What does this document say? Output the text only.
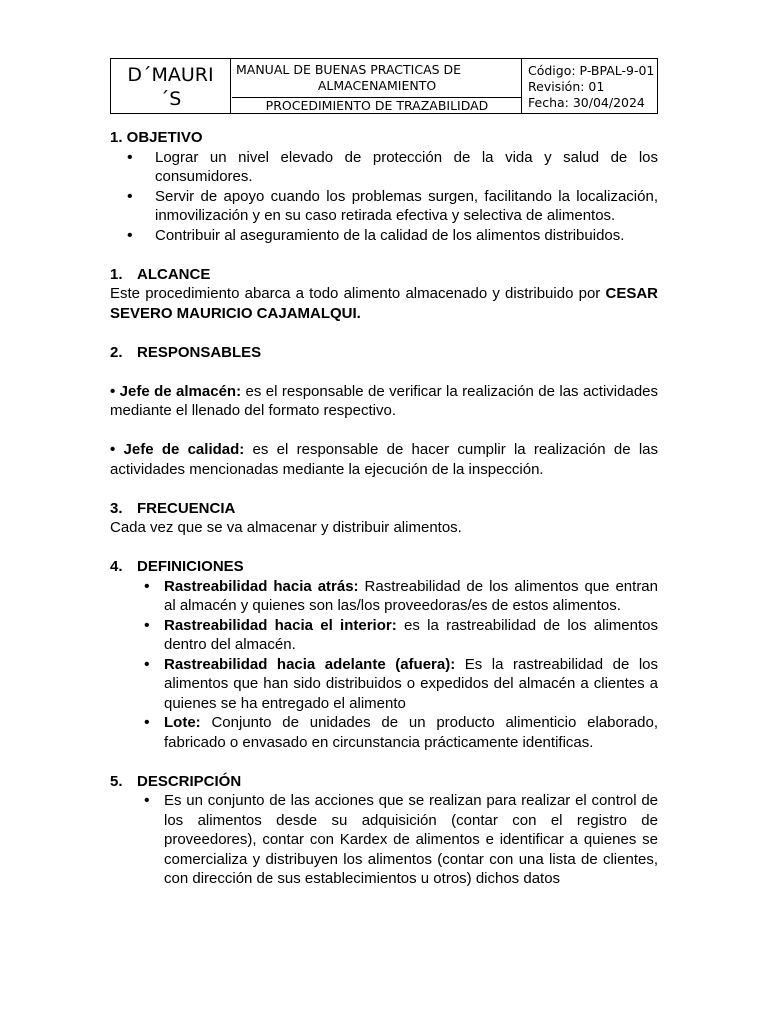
D´MAURI
´S
MANUAL DE BUENAS PRACTICAS DE
ALMACENAMIENTO
PROCEDIMIENTO DE TRAZABILIDAD
Código: P-BPAL-9-01
Revisión: 01
Fecha: 30/04/2024
1. OBJETIVO
• Lograr un nivel elevado de protección de la vida y salud de los consumidores.
• Servir de apoyo cuando los problemas surgen, facilitando la localización, inmovilización y en su caso retirada efectiva y selectiva de alimentos.
• Contribuir al aseguramiento de la calidad de los alimentos distribuidos.
1. ALCANCE
Este procedimiento abarca a todo alimento almacenado y distribuido por CESAR SEVERO MAURICIO CAJAMALQUI.
2. RESPONSABLES
• Jefe de almacén: es el responsable de verificar la realización de las actividades mediante el llenado del formato respectivo.
• Jefe de calidad: es el responsable de hacer cumplir la realización de las actividades mencionadas mediante la ejecución de la inspección.
3. FRECUENCIA
Cada vez que se va almacenar y distribuir alimentos.
4. DEFINICIONES
• Rastreabilidad hacia atrás: Rastreabilidad de los alimentos que entran al almacén y quienes son las/los proveedoras/es de estos alimentos.
• Rastreabilidad hacia el interior: es la rastreabilidad de los alimentos dentro del almacén.
• Rastreabilidad hacia adelante (afuera): Es la rastreabilidad de los alimentos que han sido distribuidos o expedidos del almacén a clientes a quienes se ha entregado el alimento
• Lote: Conjunto de unidades de un producto alimenticio elaborado, fabricado o envasado en circunstancia prácticamente identificas.
5. DESCRIPCIÓN
• Es un conjunto de las acciones que se realizan para realizar el control de los alimentos desde su adquisición (contar con el registro de proveedores), contar con Kardex de alimentos e identificar a quienes se comercializa y distribuyen los alimentos (contar con una lista de clientes, con dirección de sus establecimientos u otros) dichos datos
